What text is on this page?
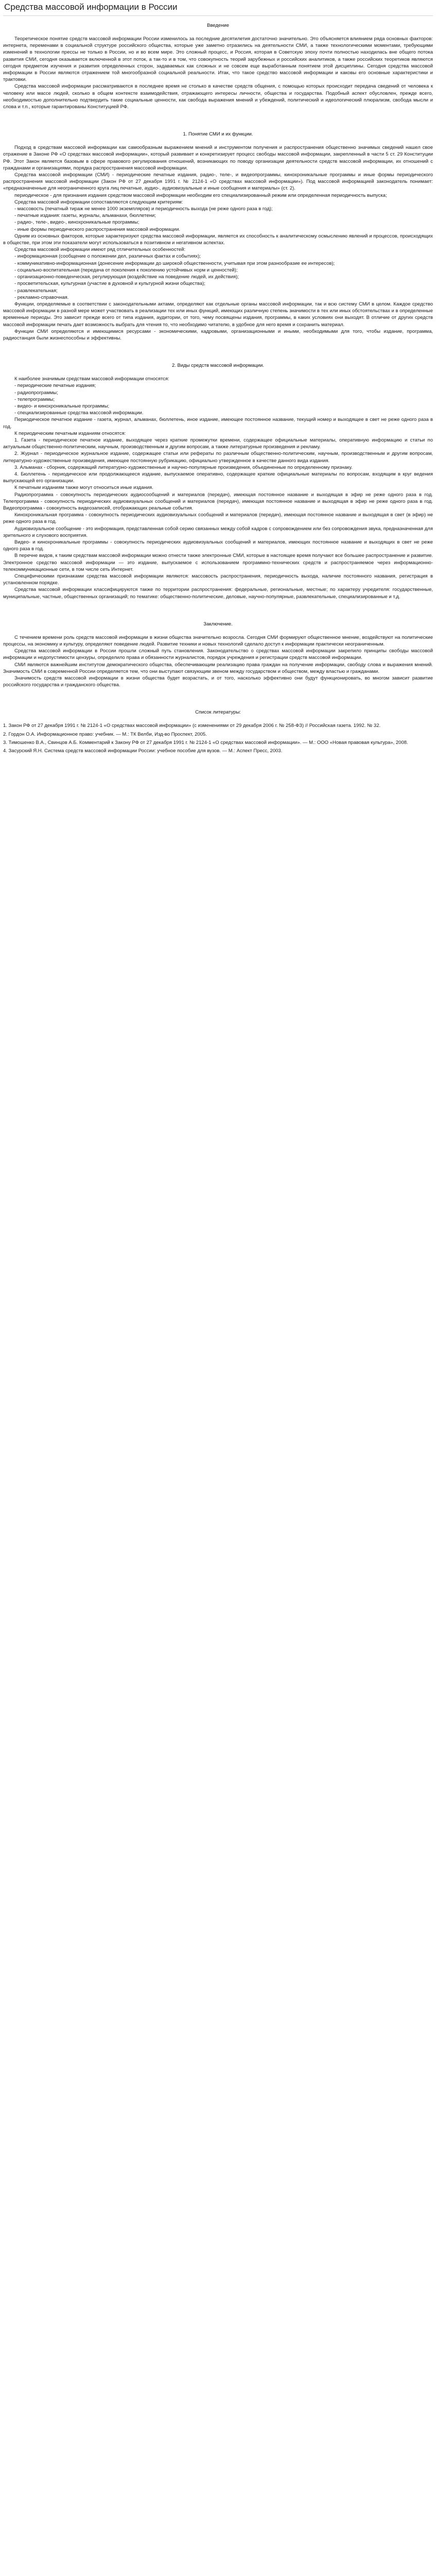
Средства массовой информации в России

Введение

Теоретическое понятие средств массовой информации России изменилось за последние десятилетия достаточно значительно. Это объясняется влиянием ряда основных факторов: интернета, переменами в социальной структуре российского общества, которые уже заметно отразились на деятельности СМИ, а также технологическими моментами, требующими изменений в технологии прессы не только в России, но и во всем мире. Это сложный процесс, и Россия, которая в Советскую эпоху почти полностью находилась вне общего потока развития СМИ, сегодня оказывается включенной в этот поток, а так-то и в том, что совокупность теорий зарубежных и российских аналитиков, а также российских теоретиков являются сегодня предметом изучения и развития определенных сторон, задаваемых как сложных и не совсем еще выработанным понятием этой дисциплины. Сегодня средства массовой информации в России являются отражением той многообразной социальной реальности. Итак, что такое средство массовой информации и каковы его основные характеристики и трактовки.

Средства массовой информации рассматриваются в последнее время не столько в качестве средств общения, с помощью которых происходит передача сведений от человека к человеку или массе людей, сколько в общем контексте взаимодействия, отражающего интересы личности, общества и государства. Подобный аспект обусловлен, прежде всего, необходимостью дополнительно подтвердить такие социальные ценности, как свобода выражения мнений и убеждений, политический и идеологический плюрализм, свобода мысли и слова и т.п., которые гарантированы Конституцией РФ.

1. Понятие СМИ и их функции.

Подход в средствам массовой информации как самообразным выражением мнений и инструментом получения и распространения общественно значимых сведений нашел свое отражение в Законе РФ «О средствах массовой информации», который развивает и конкретизирует процесс свободы массовой информации, закрепленный в части 5 ст. 29 Конституции РФ. Этот Закон является базовым в сфере правового регулирования отношений, возникающих по поводу организации деятельности средств массовой информации, их отношений с гражданами и организациями, порядка распространения массовой информации.

Средства массовой информации (СМИ) - периодические печатные издания, радио-, теле-, и видеопрограммы, кинохроникальные программы и иные формы периодического распространения массовой информации (Закон РФ от 27 декабря 1991 г. № 2124-1 «О средствах массовой информации»). Под массовой информацией законодатель понимает: «предназначенные для неограниченного круга лиц печатные, аудио-, аудиовизуальные и иные сообщения и материалы» (ст. 2).

периодическое - для признания издания средством массовой информации необходим его специализированный режим или определенная периодичность выпуска;

Средства массовой информации сопоставляются следующим критериям:

- массовость (печатный тираж не менее 1000 экземпляров) и периодичность выхода (не реже одного раза в год);

- печатные издания: газеты, журналы, альманахи, бюллетени;

- радио-, теле-, видео-, кинохроникальные программы;

- иные формы периодического распространения массовой информации.

Одним из основных факторов, которые характеризуют средства массовой информации, является их способность к аналитическому осмыслению явлений и процессов, происходящих в обществе, при этом эти показатели могут использоваться в позитивном и негативном аспектах.

Средства массовой информации имеют ряд отличительных особенностей:

- информационная (сообщение о положении дел, различных фактах и событиях);

- коммуникативно-информационная (донесение информации до широкой общественности, учитывая при этом разнообразие ее интересов);

- социально-воспитательная (передача от поколения к поколению устойчивых норм и ценностей);

- организационно-поведенческая, регулирующая (воздействие на поведение людей, их действия);

- просветительская, культурная (участие в духовной и культурной жизни общества);

- развлекательная;

- рекламно-справочная.

Функции, определяемые в соответствии с законодательными актами, определяют как отдельные органы массовой информации, так и всю систему СМИ в целом. Каждое средство массовой информации в разной мере может участвовать в реализации тех или иных функций, имеющих различную степень значимости в тех или иных обстоятельствах и в определенные временные периоды. Это зависит прежде всего от типа издания, аудитории, от того, чему посвящены издания, программы, в каких условиях они выходят. В отличие от других средств массовой информации печать дает возможность выбрать для чтения то, что необходимо читателю, в удобное для него время и сохранить материал.

Функции СМИ определяются и имеющимися ресурсами - экономическими, кадровыми, организационными и иными, необходимыми для того, чтобы издание, программа, радиостанция были жизнеспособны и эффективны.

2. Виды средств массовой информации.

К наиболее значимым средствам массовой информации относятся:

- периодические печатные издания;

- радиопрограммы;

- телепрограммы;

- видео- и кинохроникальные программы;

- специализированные средства массовой информации.

Периодическое печатное издание - газета, журнал, альманах, бюллетень, иное издание, имеющее постоянное название, текущий номер и выходящее в свет не реже одного раза в год.

К периодическим печатным изданиям относятся:

1. Газета - периодическое печатное издание, выходящее через краткие промежутки времени, содержащее официальные материалы, оперативную информацию и статьи по актуальным общественно-политическим, научным, производственным и другим вопросам, а также литературные произведения и рекламу.

2. Журнал - периодическое журнальное издание, содержащее статьи или рефераты по различным общественно-политическим, научным, производственным и другим вопросам, литературно-художественные произведения, имеющее постоянную рубрикацию, официально утвержденное в качестве данного вида издания.

3. Альманах - сборник, содержащий литературно-художественные и научно-популярные произведения, объединенные по определенному признаку.

4. Бюллетень - периодическое или продолжающееся издание, выпускаемое оперативно, содержащее краткие официальные материалы по вопросам, входящим в круг ведения выпускающей его организации.

К печатным изданиям также могут относиться иные издания.

Радиопрограмма - совокупность периодических аудиосообщений и материалов (передач), имеющая постоянное название и выходящая в эфир не реже одного раза в год. Телепрограмма - совокупность периодических аудиовизуальных сообщений и материалов (передач), имеющая постоянное название и выходящая в эфир не реже одного раза в год. Видеопрограмма - совокупность видеозаписей, отображающих реальные события.

Кинохроникальная программа - совокупность периодических аудиовизуальных сообщений и материалов (передач), имеющая постоянное название и выходящая в свет (в эфир) не реже одного раза в год.

Аудиовизуальное сообщение - это информация, представленная собой серию связанных между собой кадров с сопровождением или без сопровождения звука, предназначенная для зрительного и слухового восприятия.

Видео- и кинохроникальные программы - совокупность периодических аудиовизуальных сообщений и материалов, имеющих постоянное название и выходящих в свет не реже одного раза в год.

В перечне видов, к таким средствам массовой информации можно отнести также электронные СМИ, которые в настоящее время получают все большее распространение и развитие. Электронное средство массовой информации — это издание, выпускаемое с использованием программно-технических средств и распространяемое через информационно-телекоммуникационные сети, в том числе сеть Интернет.

Специфическими признаками средства массовой информации являются: массовость распространения, периодичность выхода, наличие постоянного названия, регистрация в установленном порядке.

Средства массовой информации классифицируются также по территории распространения: федеральные, региональные, местные; по характеру учредителя: государственные, муниципальные, частные, общественных организаций; по тематике: общественно-политические, деловые, научно-популярные, развлекательные, специализированные и т.д.

Заключение.

С течением времени роль средств массовой информации в жизни общества значительно возросла. Сегодня СМИ формируют общественное мнение, воздействуют на политические процессы, на экономику и культуру, определяют поведение людей. Развитие техники и новых технологий сделало доступ к информации практически неограниченным.

Средства массовой информации в России прошли сложный путь становления. Законодательство о средствах массовой информации закрепило принципы свободы массовой информации и недопустимости цензуры, определило права и обязанности журналистов, порядок учреждения и регистрации средств массовой информации.

СМИ являются важнейшим институтом демократического общества, обеспечивающим реализацию права граждан на получение информации, свободу слова и выражения мнений. Значимость СМИ в современной России определяется тем, что они выступают связующим звеном между государством и обществом, между властью и гражданами.

Значимость средств массовой информации в жизни общества будет возрастать, и от того, насколько эффективно они будут функционировать, во многом зависит развитие российского государства и гражданского общества.

Список литературы:

1. Закон РФ от 27 декабря 1991 г. № 2124-1 «О средствах массовой информации» (с изменениями от 29 декабря 2006 г. № 258-ФЗ) // Российская газета. 1992. № 32.

2. Гордон О.А. Информационное право: учебник. — М.: ТК Велби, Изд-во Проспект, 2005.

3. Тимошенко В.А., Свинцов А.Б. Комментарий к Закону РФ от 27 декабря 1991 г. № 2124-1 «О средствах массовой информации». — М.: ООО «Новая правовая культура», 2008.

4. Засурский Я.Н. Система средств массовой информации России: учебное пособие для вузов. — М.: Аспект Пресс, 2003.
